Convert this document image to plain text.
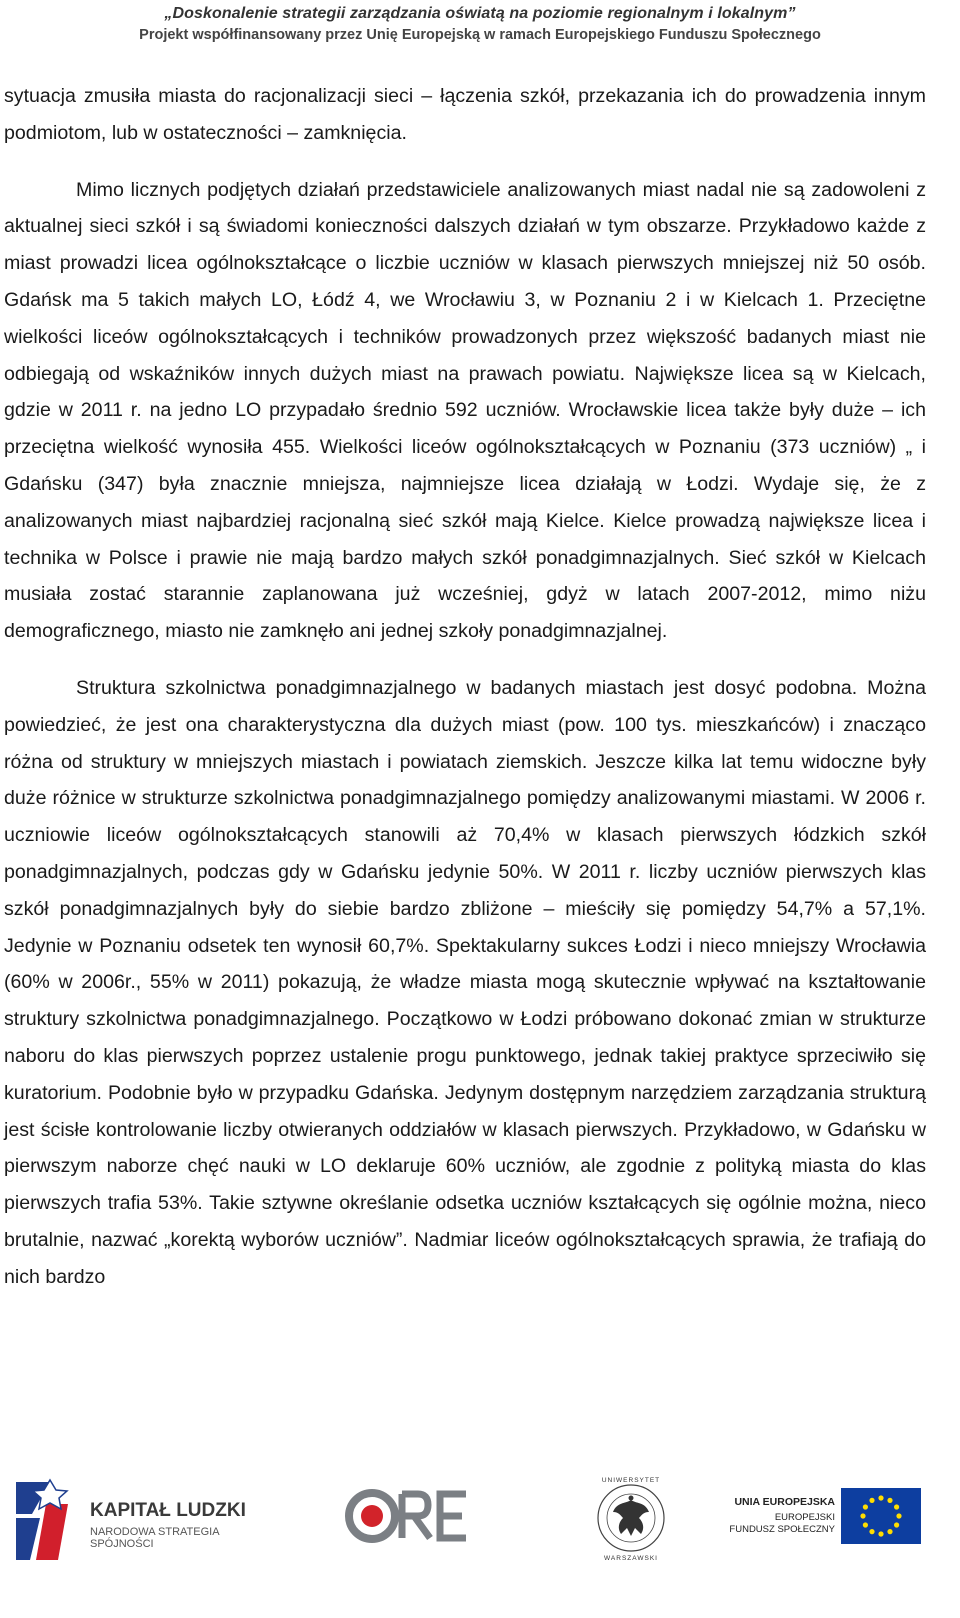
„Doskonalenie strategii zarządzania oświatą na poziomie regionalnym i lokalnym”
Projekt współfinansowany przez Unię Europejską w ramach Europejskiego Funduszu Społecznego

sytuacja zmusiła miasta do racjonalizacji sieci – łączenia szkół, przekazania ich do prowadzenia innym podmiotom, lub w ostateczności – zamknięcia.

Mimo licznych podjętych działań przedstawiciele analizowanych miast nadal nie są zadowoleni z aktualnej sieci szkół i są świadomi konieczności dalszych działań w tym obszarze. Przykładowo każde z miast prowadzi licea ogólnokształcące o liczbie uczniów w klasach pierwszych mniejszej niż 50 osób. Gdańsk ma 5 takich małych LO, Łódź 4, we Wrocławiu 3, w Poznaniu 2 i w Kielcach 1. Przeciętne wielkości liceów ogólnokształcących i techników prowadzonych przez większość badanych miast nie odbiegają od wskaźników innych dużych miast na prawach powiatu. Największe licea są w Kielcach, gdzie w 2011 r. na jedno LO przypadało średnio 592 uczniów. Wrocławskie licea także były duże – ich przeciętna wielkość wynosiła 455. Wielkości liceów ogólnokształcących w Poznaniu (373 uczniów) „ i Gdańsku (347) była znacznie mniejsza, najmniejsze licea działają w Łodzi. Wydaje się, że z analizowanych miast najbardziej racjonalną sieć szkół mają Kielce. Kielce prowadzą największe licea i technika w Polsce i prawie nie mają bardzo małych szkół ponadgimnazjalnych. Sieć szkół w Kielcach musiała zostać starannie zaplanowana już wcześniej, gdyż w latach 2007-2012, mimo niżu demograficznego, miasto nie zamknęło ani jednej szkoły ponadgimnazjalnej.

Struktura szkolnictwa ponadgimnazjalnego w badanych miastach jest dosyć podobna. Można powiedzieć, że jest ona charakterystyczna dla dużych miast (pow. 100 tys. mieszkańców) i znacząco różna od struktury w mniejszych miastach i powiatach ziemskich. Jeszcze kilka lat temu widoczne były duże różnice w strukturze szkolnictwa ponadgimnazjalnego pomiędzy analizowanymi miastami. W 2006 r. uczniowie liceów ogólnokształcących stanowili aż 70,4% w klasach pierwszych łódzkich szkół ponadgimnazjalnych, podczas gdy w Gdańsku jedynie 50%. W 2011 r. liczby uczniów pierwszych klas szkół ponadgimnazjalnych były do siebie bardzo zbliżone – mieściły się pomiędzy 54,7% a 57,1%. Jedynie w Poznaniu odsetek ten wynosił 60,7%. Spektakularny sukces Łodzi i nieco mniejszy Wrocławia (60% w 2006r., 55% w 2011) pokazują, że władze miasta mogą skutecznie wpływać na kształtowanie struktury szkolnictwa ponadgimnazjalnego. Początkowo w Łodzi próbowano dokonać zmian w strukturze naboru do klas pierwszych poprzez ustalenie progu punktowego, jednak takiej praktyce sprzeciwiło się kuratorium. Podobnie było w przypadku Gdańska. Jedynym dostępnym narzędziem zarządzania strukturą jest ścisłe kontrolowanie liczby otwieranych oddziałów w klasach pierwszych. Przykładowo, w Gdańsku w pierwszym naborze chęć nauki w LO deklaruje 60% uczniów, ale zgodnie z polityką miasta do klas pierwszych trafia 53%. Takie sztywne określanie odsetka uczniów kształcących się ogólnie można, nieco brutalnie, nazwać „korektą wyborów uczniów”. Nadmiar liceów ogólnokształcących sprawia, że trafiają do nich bardzo

KAPITAŁ LUDZKI
NARODOWA STRATEGIA SPÓJNOŚCI
UNIWERSYTET
WARSZAWSKI
UNIA EUROPEJSKA
EUROPEJSKI
FUNDUSZ SPOŁECZNY
